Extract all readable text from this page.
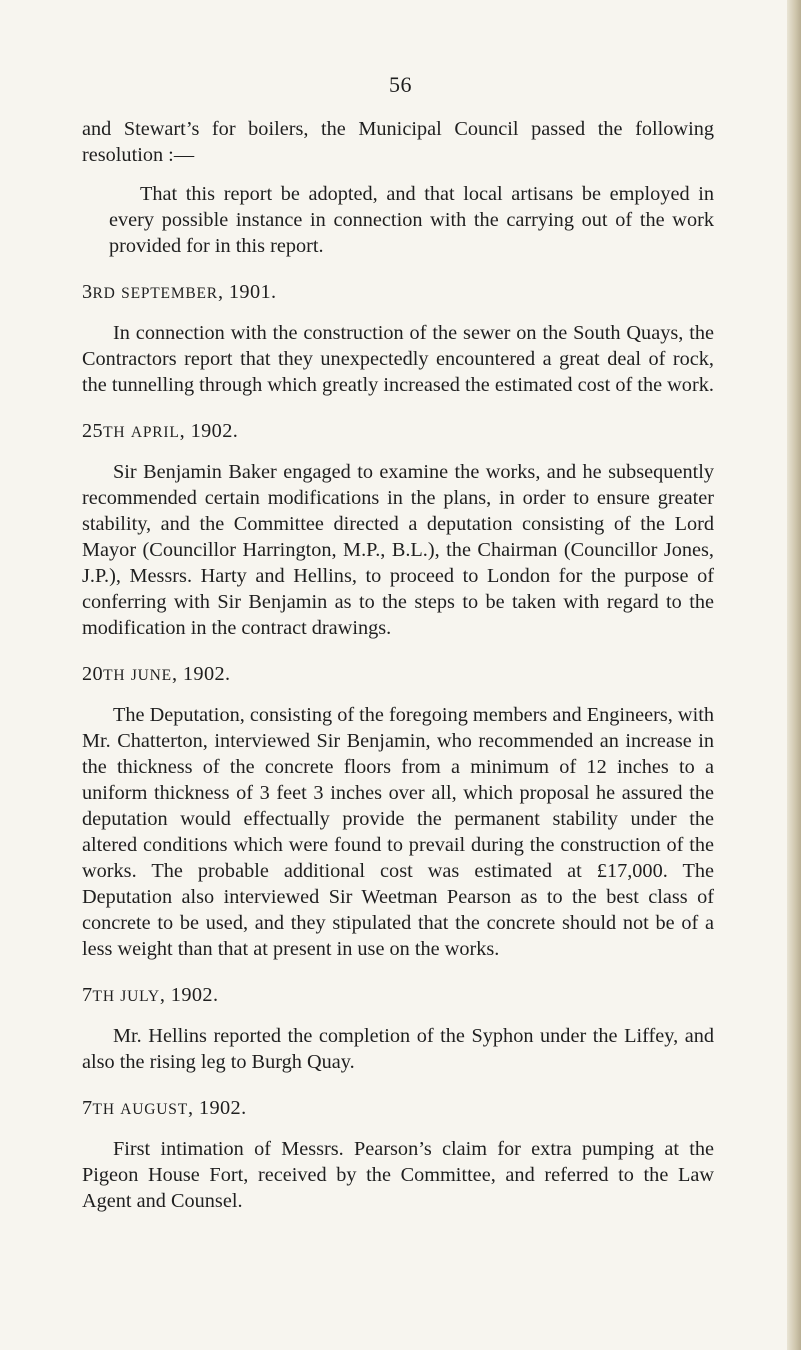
56

and Stewart’s for boilers, the Municipal Council passed the following resolution :—

That this report be adopted, and that local artisans be employed in every possible instance in connection with the carrying out of the work provided for in this report.

3RD SEPTEMBER, 1901.

In connection with the construction of the sewer on the South Quays, the Contractors report that they unexpectedly encountered a great deal of rock, the tunnelling through which greatly increased the estimated cost of the work.

25TH APRIL, 1902.

Sir Benjamin Baker engaged to examine the works, and he subsequently recommended certain modifications in the plans, in order to ensure greater stability, and the Committee directed a deputation consisting of the Lord Mayor (Councillor Harrington, M.P., B.L.), the Chairman (Councillor Jones, J.P.), Messrs. Harty and Hellins, to proceed to London for the purpose of conferring with Sir Benjamin as to the steps to be taken with regard to the modification in the contract drawings.

20TH JUNE, 1902.

The Deputation, consisting of the foregoing members and Engineers, with Mr. Chatterton, interviewed Sir Benjamin, who recommended an increase in the thickness of the concrete floors from a minimum of 12 inches to a uniform thickness of 3 feet 3 inches over all, which proposal he assured the deputation would effectually provide the permanent stability under the altered conditions which were found to prevail during the construction of the works. The probable additional cost was estimated at £17,000. The Deputation also interviewed Sir Weetman Pearson as to the best class of concrete to be used, and they stipulated that the concrete should not be of a less weight than that at present in use on the works.

7TH JULY, 1902.

Mr. Hellins reported the completion of the Syphon under the Liffey, and also the rising leg to Burgh Quay.

7TH AUGUST, 1902.

First intimation of Messrs. Pearson’s claim for extra pumping at the Pigeon House Fort, received by the Committee, and referred to the Law Agent and Counsel.
